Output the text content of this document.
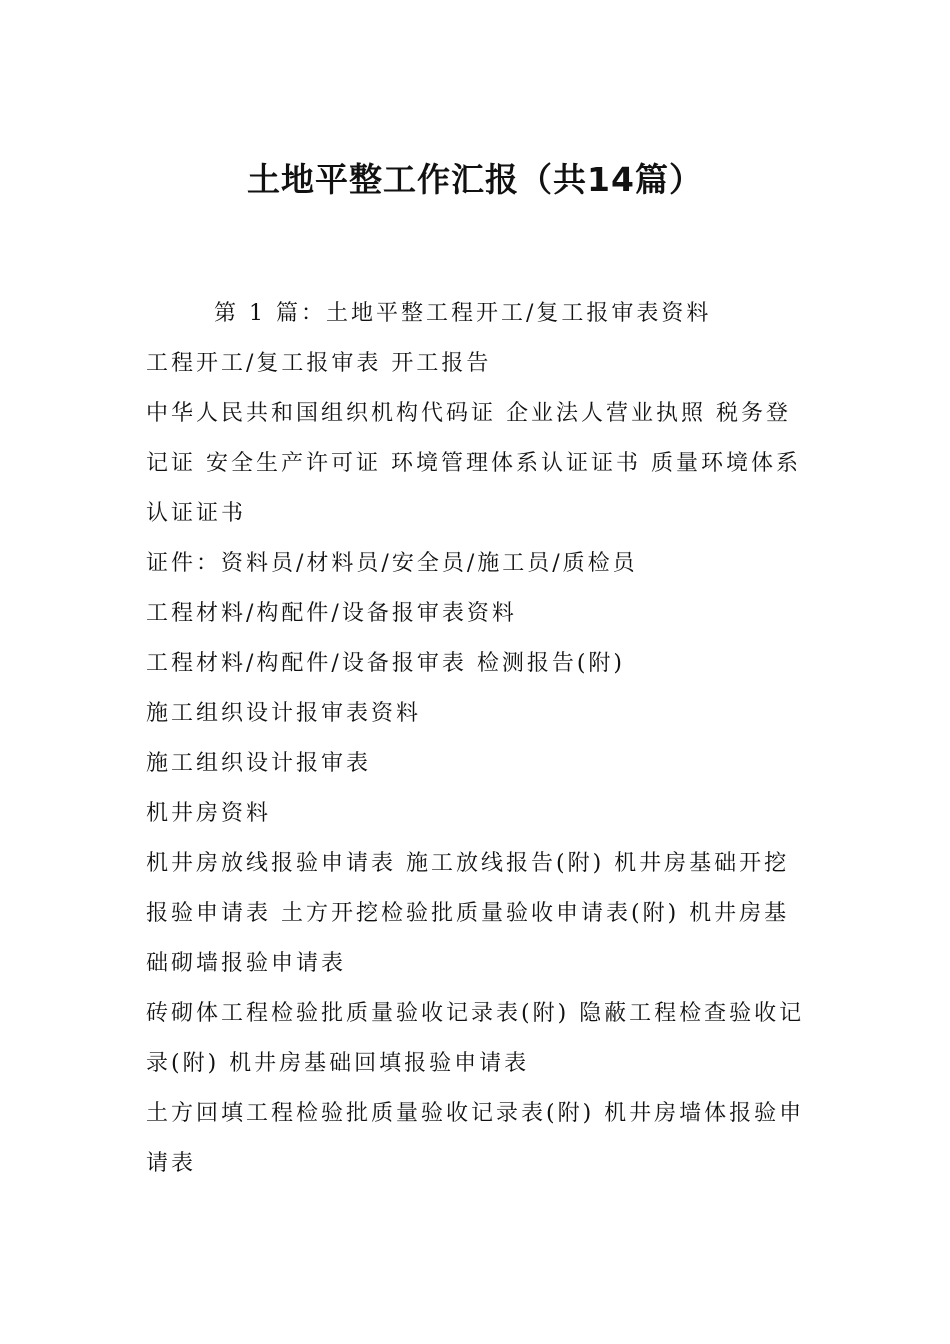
土地平整工作汇报（共14篇）

第 1 篇：土地平整工程开工/复工报审表资料

工程开工/复工报审表 开工报告

中华人民共和国组织机构代码证 企业法人营业执照 税务登记证 安全生产许可证 环境管理体系认证证书 质量环境体系认证证书

证件：资料员/材料员/安全员/施工员/质检员

工程材料/构配件/设备报审表资料

工程材料/构配件/设备报审表 检测报告(附)

施工组织设计报审表资料

施工组织设计报审表

机井房资料

机井房放线报验申请表 施工放线报告(附) 机井房基础开挖报验申请表 土方开挖检验批质量验收申请表(附) 机井房基础砌墙报验申请表

砖砌体工程检验批质量验收记录表(附) 隐蔽工程检查验收记录(附) 机井房基础回填报验申请表

土方回填工程检验批质量验收记录表(附) 机井房墙体报验申请表
